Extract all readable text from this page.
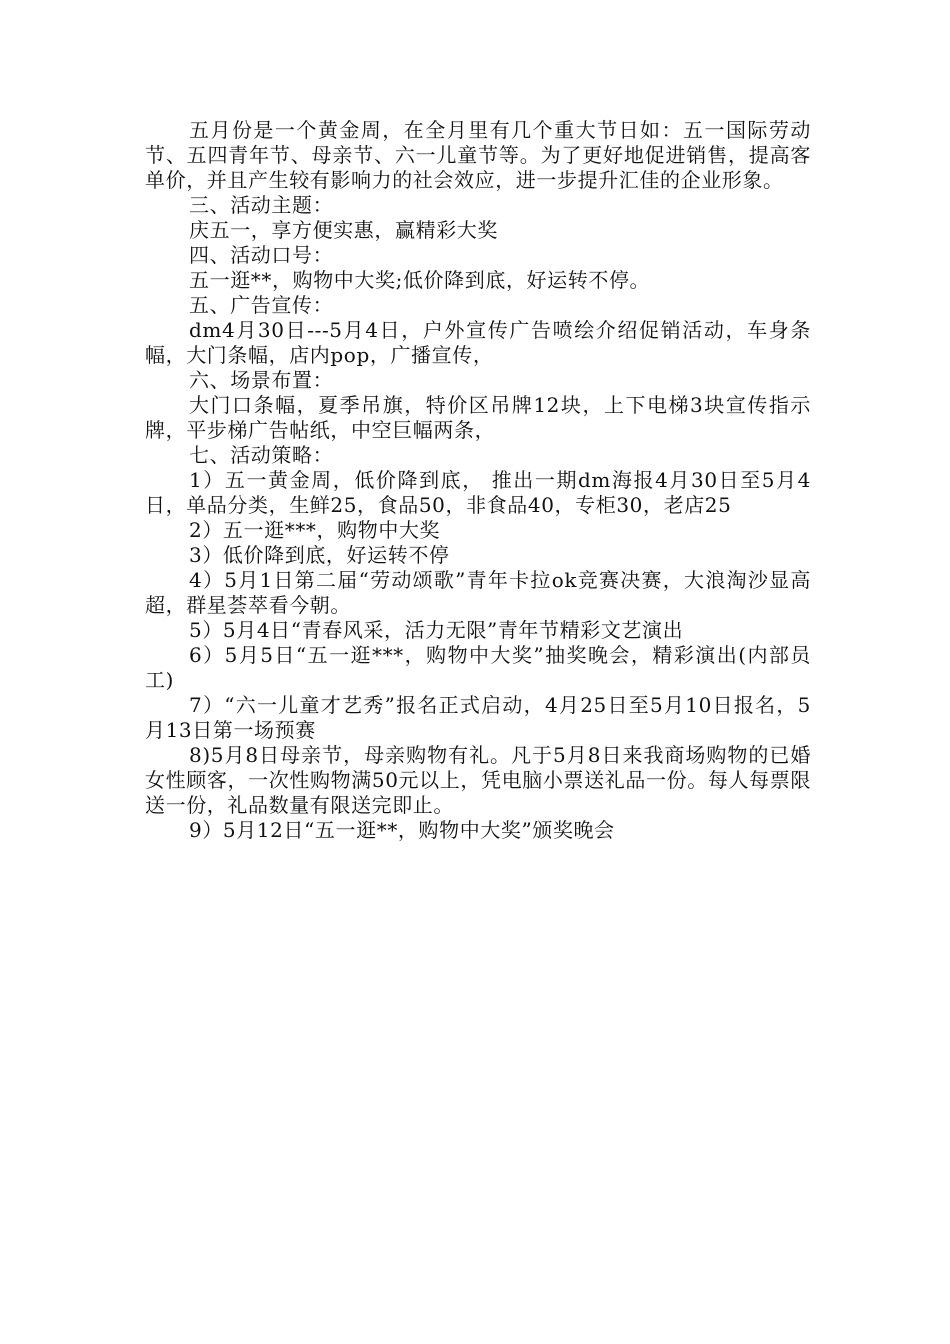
五月份是一个黄金周，在全月里有几个重大节日如：五一国际劳动节、五四青年节、母亲节、六一儿童节等。为了更好地促进销售，提高客单价，并且产生较有影响力的社会效应，进一步提升汇佳的企业形象。

三、活动主题：

庆五一，享方便实惠，赢精彩大奖

四、活动口号：

五一逛**，购物中大奖;低价降到底，好运转不停。

五、广告宣传：

dm4月30日---5月4日，户外宣传广告喷绘介绍促销活动，车身条幅，大门条幅，店内pop，广播宣传，

六、场景布置：

大门口条幅，夏季吊旗，特价区吊牌12块，上下电梯3块宣传指示牌，平步梯广告帖纸，中空巨幅两条，

七、活动策略：

1）五一黄金周，低价降到底， 推出一期dm海报4月30日至5月4日，单品分类，生鲜25，食品50，非食品40，专柜30，老店25

2）五一逛***，购物中大奖

3）低价降到底，好运转不停

4）5月1日第二届“劳动颂歌”青年卡拉ok竞赛决赛，大浪淘沙显高超，群星荟萃看今朝。

5）5月4日“青春风采，活力无限”青年节精彩文艺演出

6）5月5日“五一逛***，购物中大奖”抽奖晚会，精彩演出(内部员工)

7）“六一儿童才艺秀”报名正式启动，4月25日至5月10日报名，5月13日第一场预赛

8)5月8日母亲节，母亲购物有礼。凡于5月8日来我商场购物的已婚女性顾客，一次性购物满50元以上，凭电脑小票送礼品一份。每人每票限送一份，礼品数量有限送完即止。

9）5月12日“五一逛**，购物中大奖”颁奖晚会
